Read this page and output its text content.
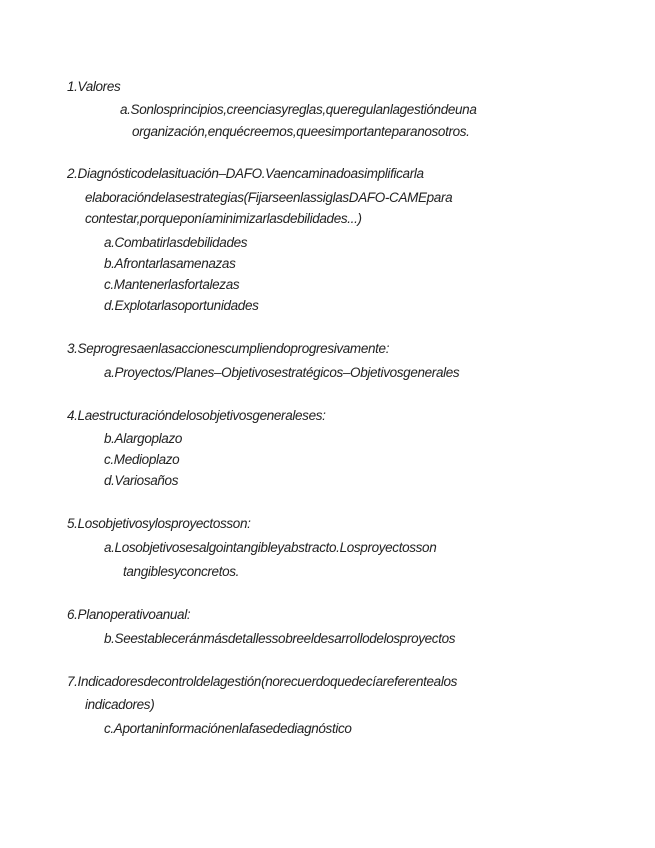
1.Valores
a.Sonlosprincipios,creenciasyreglas,queregulanlagestióndeuna
organización,enquécreemos,queesimportanteparanosotros.
2.Diagnósticodelasituación–DAFO.Vaencaminadoasimplificarla
elaboracióndelasestrategias(FijarseenlassiglasDAFO-CAMEpara
contestar,porqueponíaminimizarlasdebilidades...)
a.Combatirlasdebilidades
b.Afrontarlasamenazas
c.Mantenerlasfortalezas
d.Explotarlasoportunidades
3.Seprogresaenlasaccionescumpliendoprogresivamente:
a.Proyectos/Planes–Objetivosestratégicos–Objetivosgenerales
4.Laestructuracióndelosobjetivosgeneraleses:
b.Alargoplazo
c.Medioplazo
d.Variosaños
5.Losobjetivosylosproyectosson:
a.Losobjetivosesalgointangibleyabstracto.Losproyectosson
tangiblesyconcretos.
6.Planoperativoanual:
b.Seestableceránmásdetallessobreeldesarrollodelosproyectos
7.Indicadoresdecontroldelagestión(norecuerdoquedecíareferentealos
indicadores)
c.Aportaninformaciónenlafasedediagnóstico
